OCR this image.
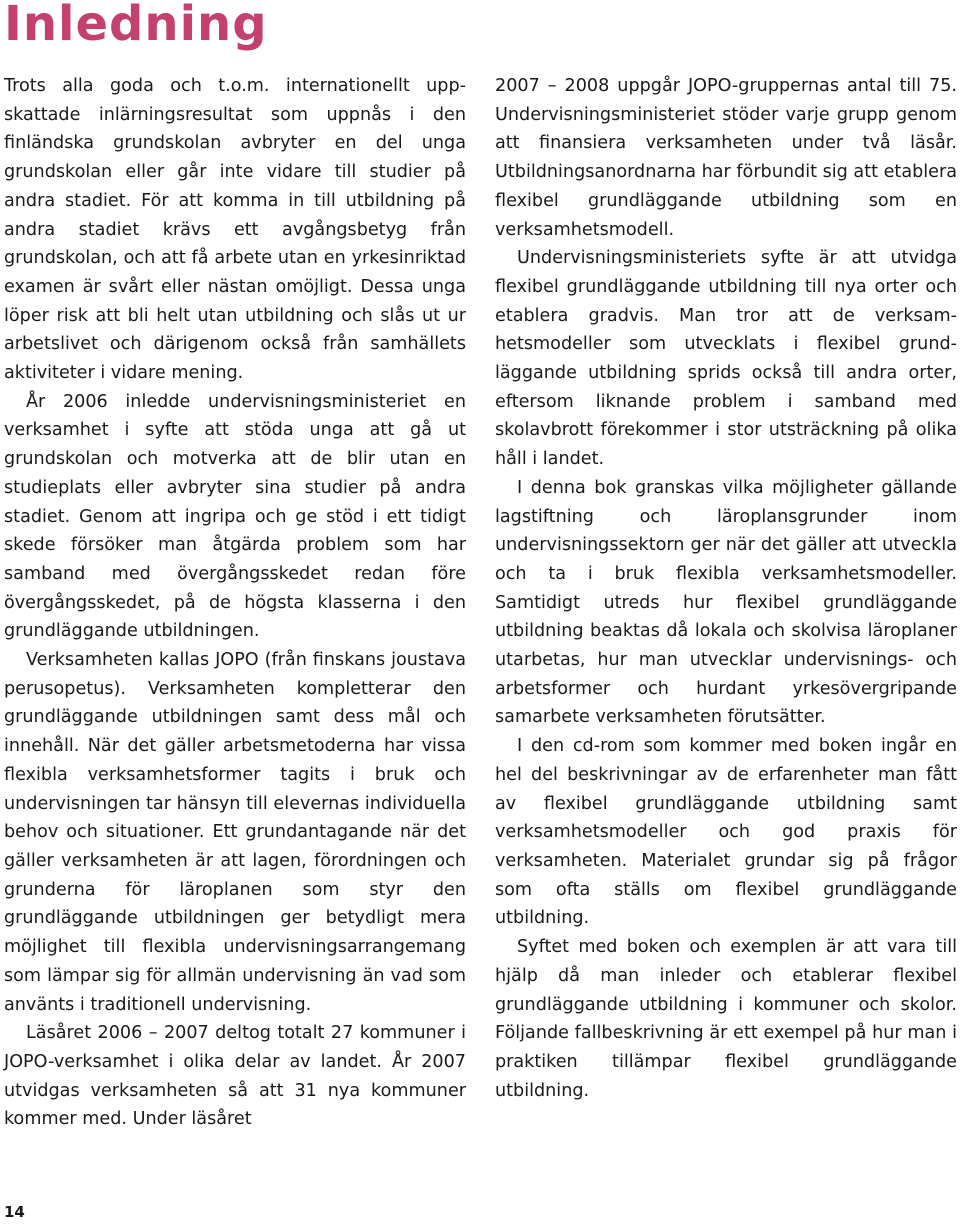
Inledning

Trots alla goda och t.o.m. internationellt uppskattade inlärningsresultat som uppnås i den finländska grundskolan avbryter en del unga grundskolan eller går inte vidare till studier på andra stadiet. För att komma in till utbildning på andra stadiet krävs ett avgångsbetyg från grundskolan, och att få arbete utan en yrkesinriktad examen är svårt eller nästan omöjligt. Dessa unga löper risk att bli helt utan utbildning och slås ut ur arbetslivet och därigenom också från samhällets aktiviteter i vidare mening.

År 2006 inledde undervisningsministeriet en verksamhet i syfte att stöda unga att gå ut grundskolan och motverka att de blir utan en studieplats eller avbryter sina studier på andra stadiet. Genom att ingripa och ge stöd i ett tidigt skede försöker man åtgärda problem som har samband med övergångsskedet redan före övergångsskedet, på de högsta klasserna i den grundläggande utbildningen.

Verksamheten kallas JOPO (från finskans joustava perusopetus). Verksamheten kompletterar den grundläggande utbildningen samt dess mål och innehåll. När det gäller arbetsmetoderna har vissa flexibla verksamhetsformer tagits i bruk och undervisningen tar hänsyn till elevernas individuella behov och situationer. Ett grundantagande när det gäller verksamheten är att lagen, förordningen och grunderna för läroplanen som styr den grundläggande utbildningen ger betydligt mera möjlighet till flexibla undervisningsarrangemang som lämpar sig för allmän undervisning än vad som använts i traditionell undervisning.

Läsåret 2006 – 2007 deltog totalt 27 kommuner i JOPO-verksamhet i olika delar av landet. År 2007 utvidgas verksamheten så att 31 nya kommuner kommer med. Under läsåret

2007 – 2008 uppgår JOPO-gruppernas antal till 75. Undervisningsministeriet stöder varje grupp genom att finansiera verksamheten under två läsår. Utbildningsanordnarna har förbundit sig att etablera flexibel grundläggande utbildning som en verksamhetsmodell.

Undervisningsministeriets syfte är att utvidga flexibel grundläggande utbildning till nya orter och etablera gradvis. Man tror att de verksamhetsmodeller som utvecklats i flexibel grundläggande utbildning sprids också till andra orter, eftersom liknande problem i samband med skolavbrott förekommer i stor utsträckning på olika håll i landet.

I denna bok granskas vilka möjligheter gällande lagstiftning och läroplansgrunder inom undervisningssektorn ger när det gäller att utveckla och ta i bruk flexibla verksamhetsmodeller. Samtidigt utreds hur flexibel grundläggande utbildning beaktas då lokala och skolvisa läroplaner utarbetas, hur man utvecklar undervisnings- och arbetsformer och hurdant yrkesövergripande samarbete verksamheten förutsätter.

I den cd-rom som kommer med boken ingår en hel del beskrivningar av de erfarenheter man fått av flexibel grundläggande utbildning samt verksamhetsmodeller och god praxis för verksamheten. Materialet grundar sig på frågor som ofta ställs om flexibel grundläggande utbildning.

Syftet med boken och exemplen är att vara till hjälp då man inleder och etablerar flexibel grundläggande utbildning i kommuner och skolor. Följande fallbeskrivning är ett exempel på hur man i praktiken tillämpar flexibel grundläggande utbildning.

14
